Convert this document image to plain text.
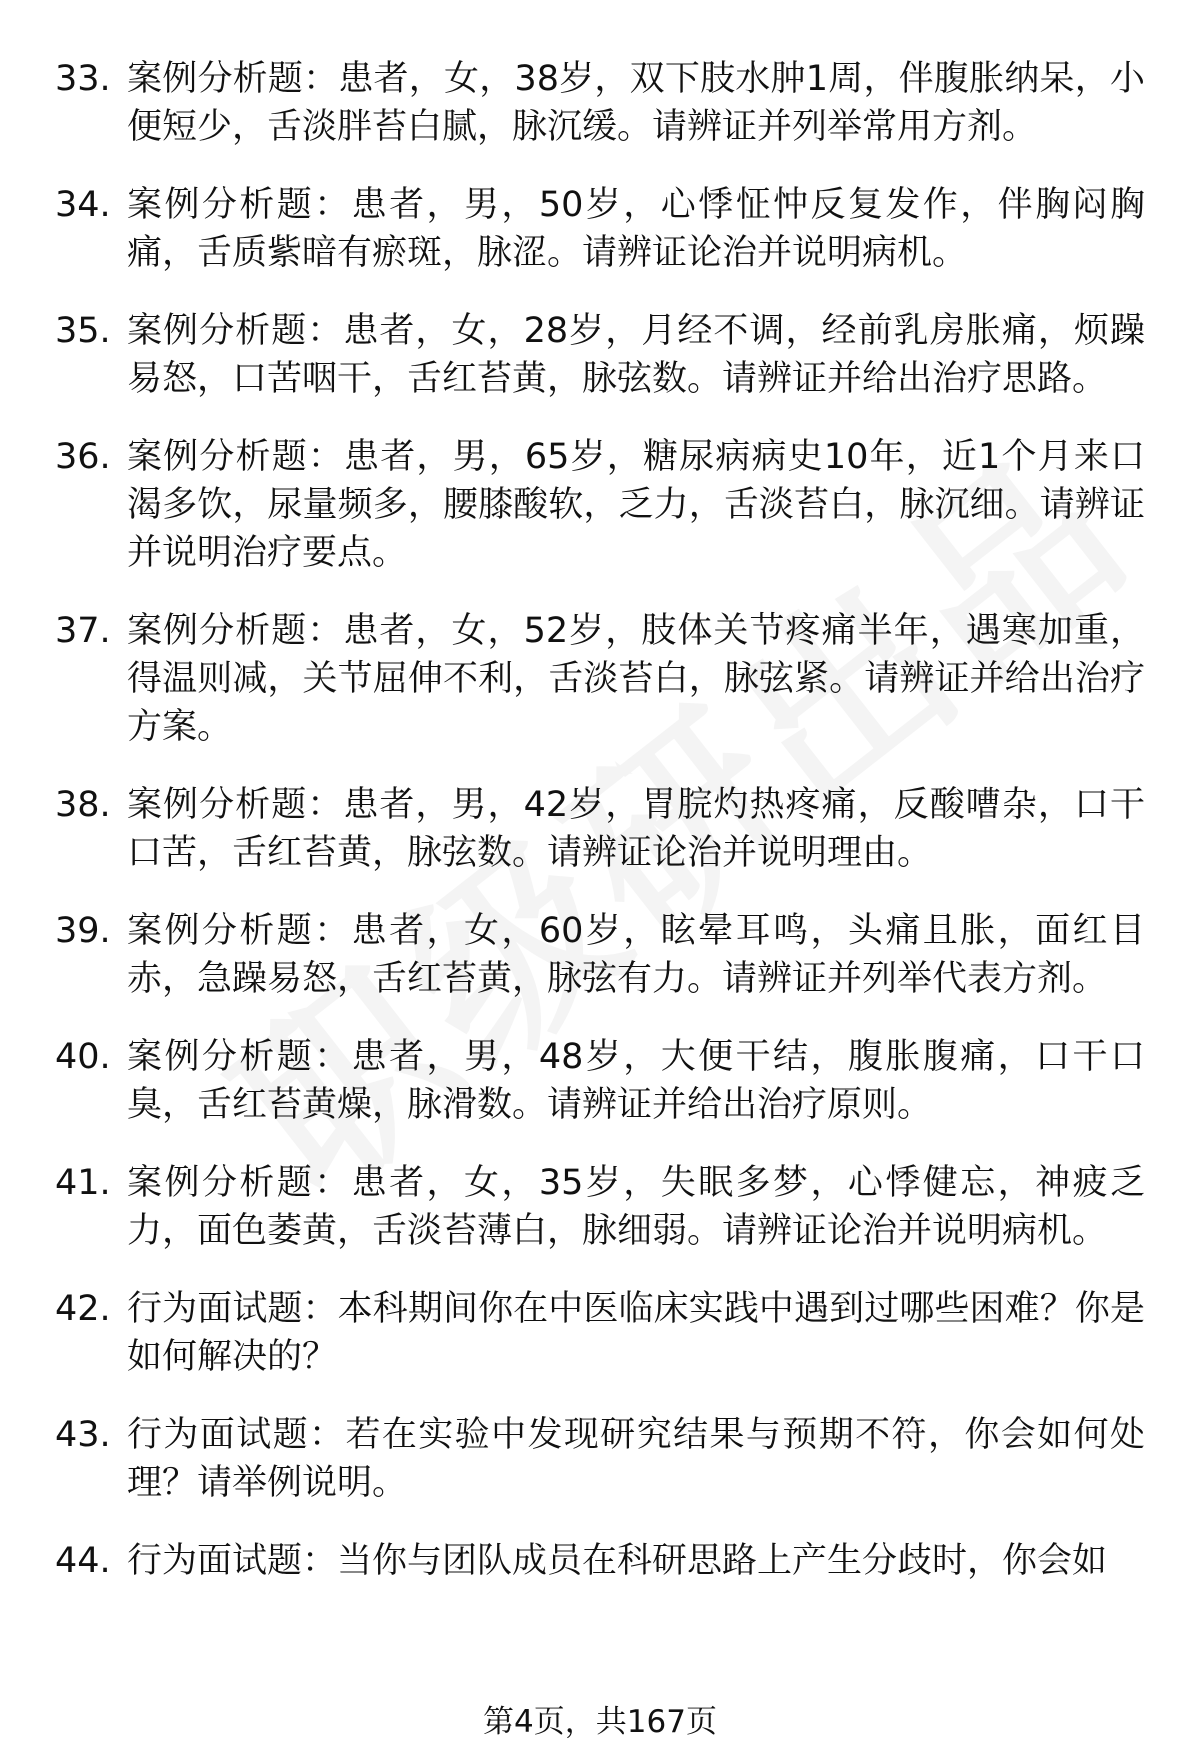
33. 案例分析题：患者，女，38岁，双下肢水肿1周，伴腹胀纳呆，小便短少，舌淡胖苔白腻，脉沉缓。请辨证并列举常用方剂。
34. 案例分析题：患者，男，50岁，心悸怔忡反复发作，伴胸闷胸痛，舌质紫暗有瘀斑，脉涩。请辨证论治并说明病机。
35. 案例分析题：患者，女，28岁，月经不调，经前乳房胀痛，烦躁易怒，口苦咽干，舌红苔黄，脉弦数。请辨证并给出治疗思路。
36. 案例分析题：患者，男，65岁，糖尿病病史10年，近1个月来口渴多饮，尿量频多，腰膝酸软，乏力，舌淡苔白，脉沉细。请辨证并说明治疗要点。
37. 案例分析题：患者，女，52岁，肢体关节疼痛半年，遇寒加重，得温则减，关节屈伸不利，舌淡苔白，脉弦紧。请辨证并给出治疗方案。
38. 案例分析题：患者，男，42岁，胃脘灼热疼痛，反酸嘈杂，口干口苦，舌红苔黄，脉弦数。请辨证论治并说明理由。
39. 案例分析题：患者，女，60岁，眩晕耳鸣，头痛且胀，面红目赤，急躁易怒，舌红苔黄，脉弦有力。请辨证并列举代表方剂。
40. 案例分析题：患者，男，48岁，大便干结，腹胀腹痛，口干口臭，舌红苔黄燥，脉滑数。请辨证并给出治疗原则。
41. 案例分析题：患者，女，35岁，失眠多梦，心悸健忘，神疲乏力，面色萎黄，舌淡苔薄白，脉细弱。请辨证论治并说明病机。
42. 行为面试题：本科期间你在中医临床实践中遇到过哪些困难？你是如何解决的？
43. 行为面试题：若在实验中发现研究结果与预期不符，你会如何处理？请举例说明。
44. 行为面试题：当你与团队成员在科研思路上产生分歧时，你会如
第4页，共167页
